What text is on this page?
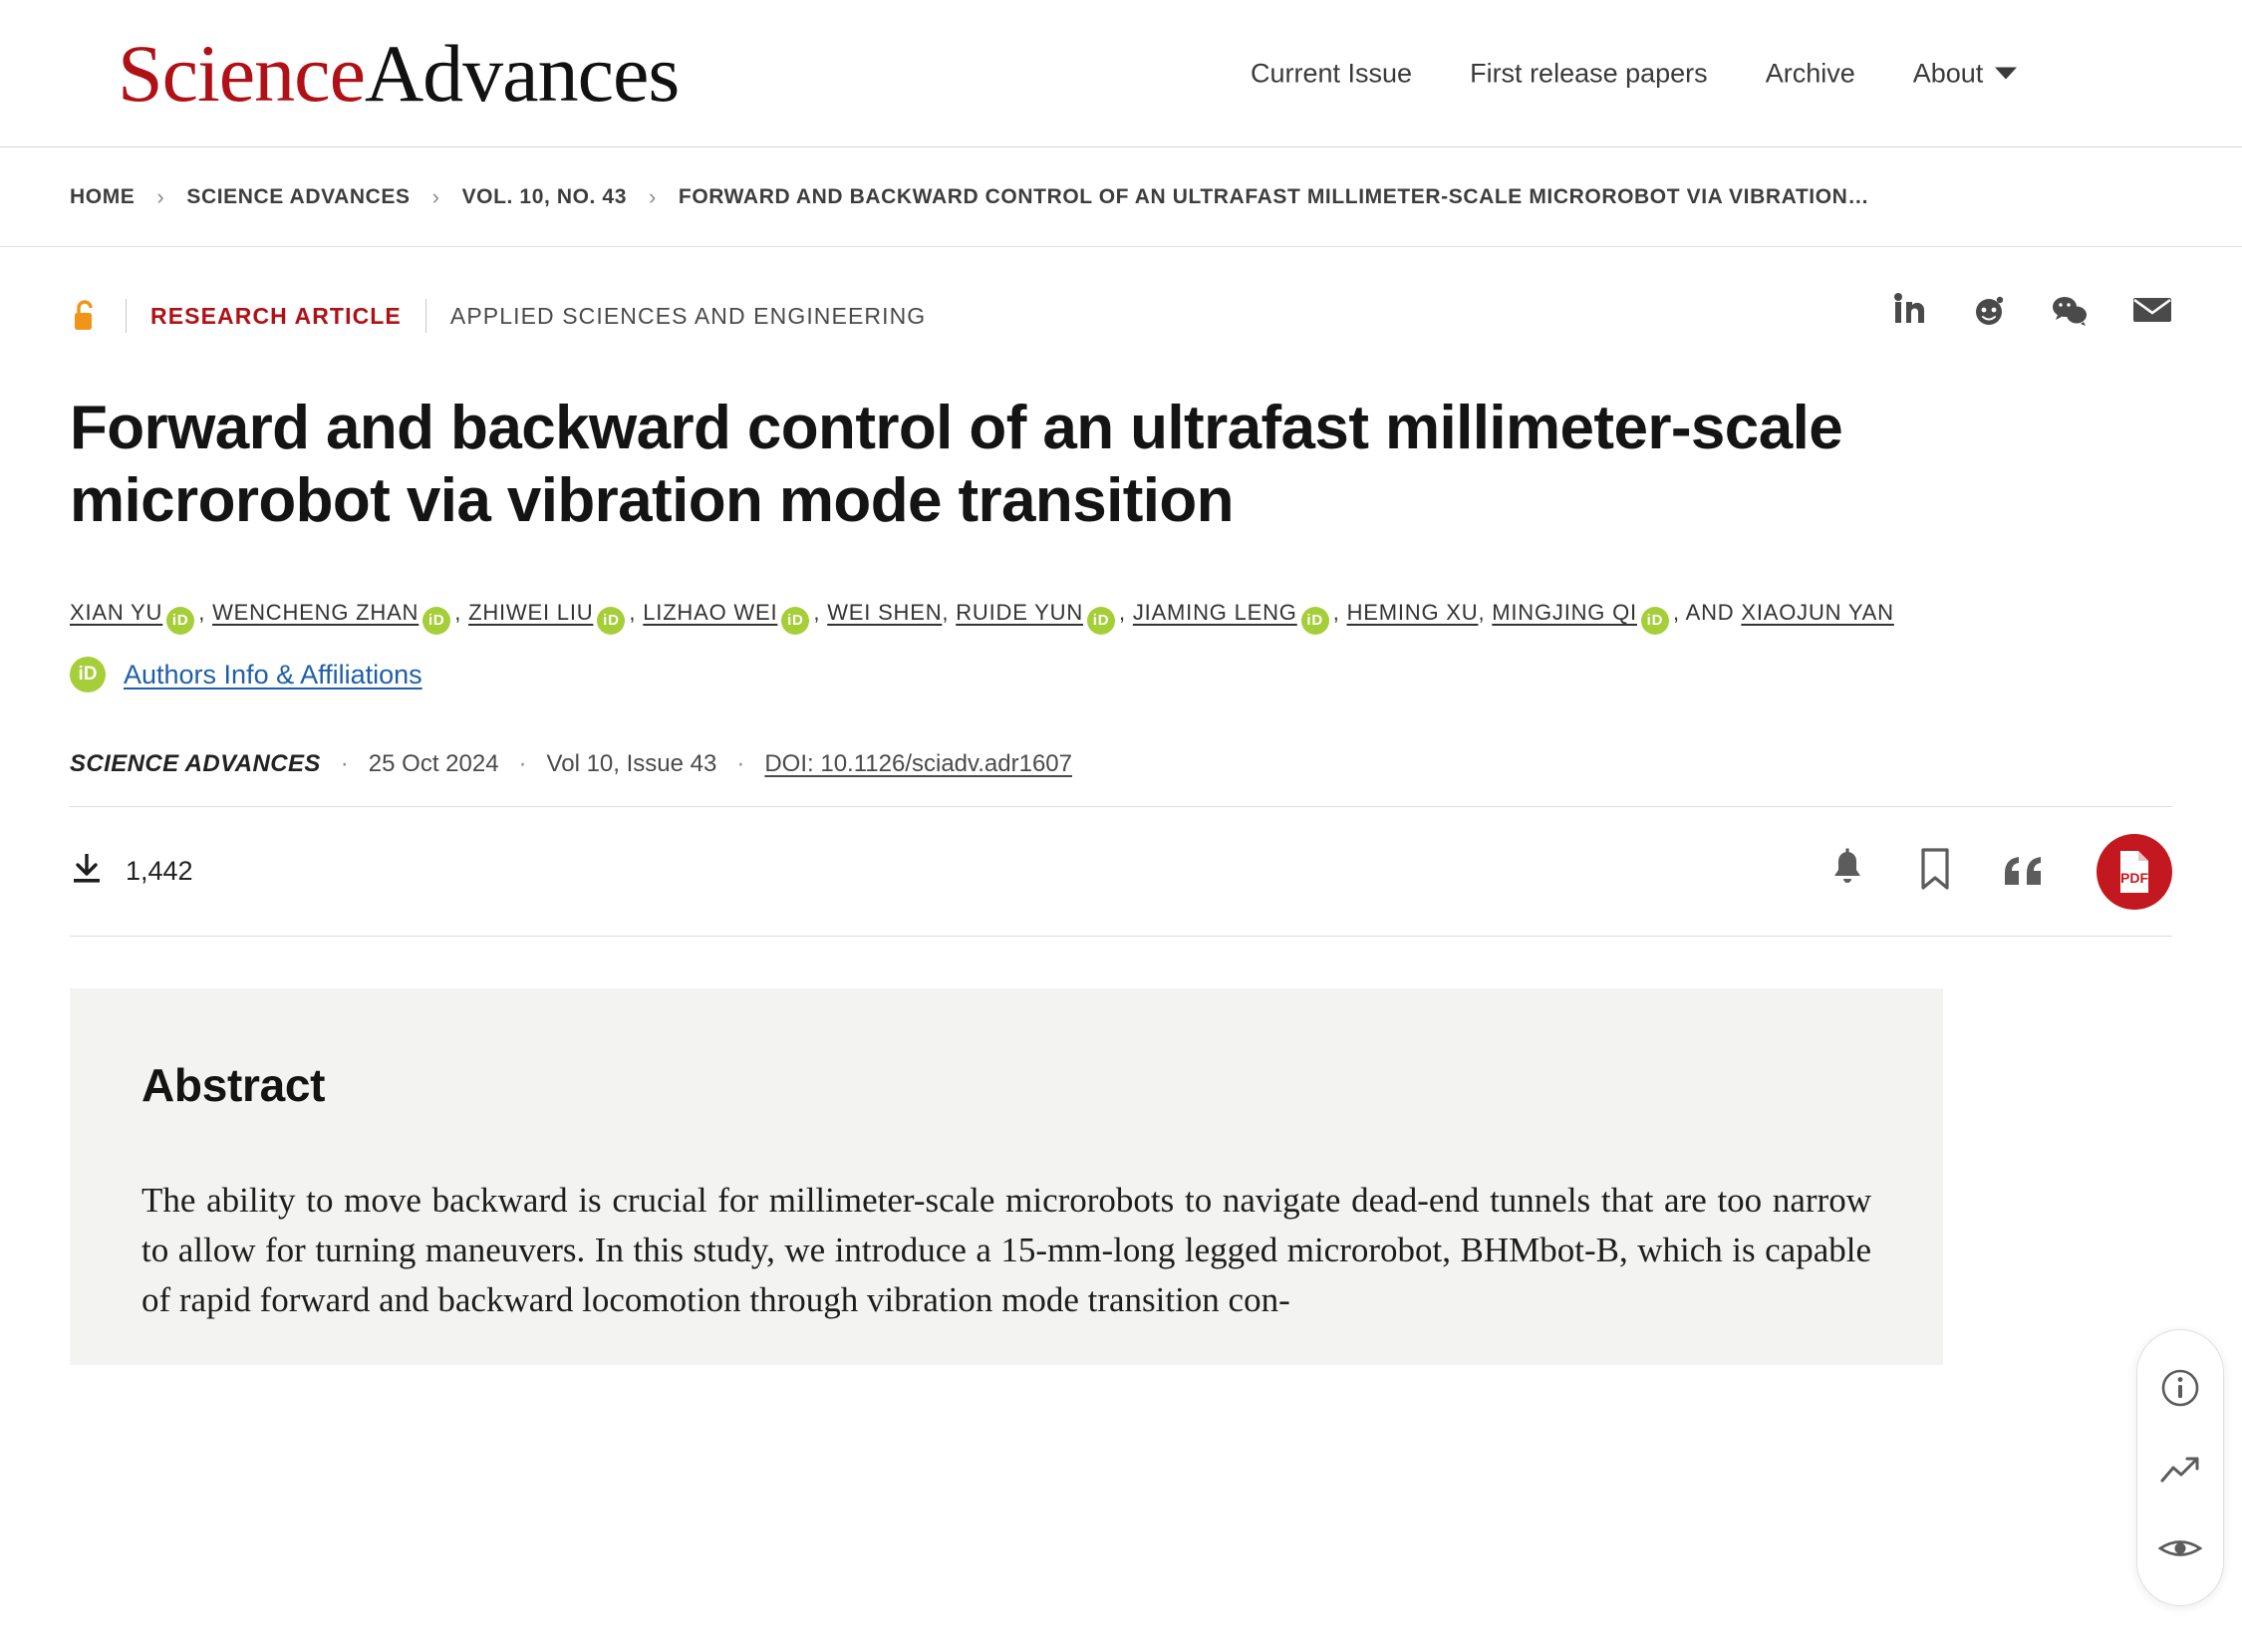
ScienceAdvances	Current Issue First release papers Archive About
HOME › SCIENCE ADVANCES › VOL. 10, NO. 43 › FORWARD AND BACKWARD CONTROL OF AN ULTRAFAST MILLIMETER-SCALE MICROROBOT VIA VIBRATION…
RESEARCH ARTICLE APPLIED SCIENCES AND ENGINEERING
Forward and backward control of an ultrafast millimeter-scale microrobot via vibration mode transition
XIAN YU iD , WENCHENG ZHAN iD , ZHIWEI LIU iD , LIZHAO WEI iD , WEI SHEN, RUIDE YUN iD , JIAMING LENG iD , HEMING XU, MINGJING QI iD , AND XIAOJUN YAN
iD Authors Info & Affiliations
SCIENCE ADVANCES · 25 Oct 2024 · Vol 10, Issue 43 · DOI: 10.1126/sciadv.adr1607
1,442	PDF
Abstract

The ability to move backward is crucial for millimeter-scale microrobots to navigate dead-end tunnels that are too narrow to allow for turning maneuvers. In this study, we introduce a 15-mm-long legged microrobot, BHMbot-B, which is capable of rapid forward and backward locomotion through vibration mode transition con-
